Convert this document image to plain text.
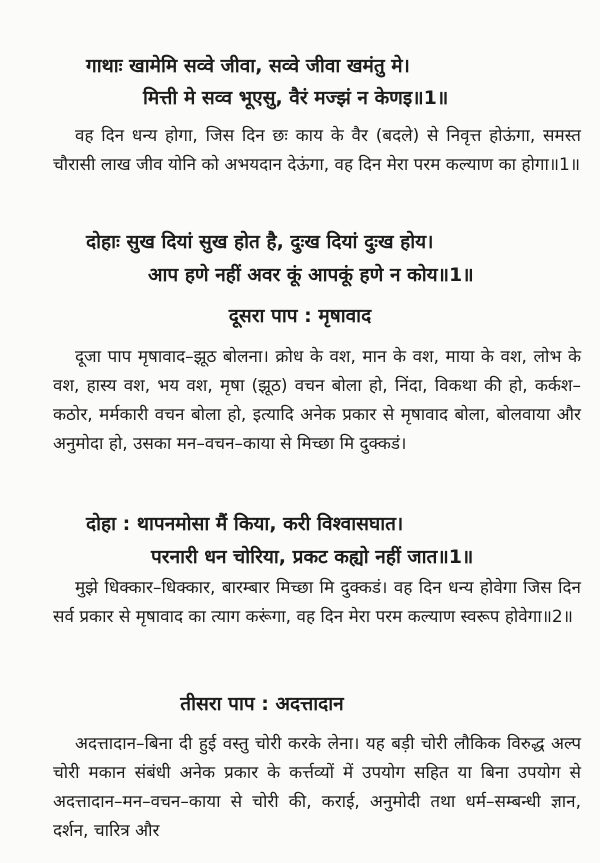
गाथाः खामेमि सव्वे जीवा, सव्वे जीवा खमंतु मे।
मित्ती मे सव्व भूएसु, वैरं मज्झं न केणइ॥1॥

वह दिन धन्य होगा, जिस दिन छः काय के वैर (बदले) से निवृत्त होऊंगा, समस्त चौरासी लाख जीव योनि को अभयदान देऊंगा, वह दिन मेरा परम कल्याण का होगा॥1॥

दोहाः सुख दियां सुख होत है, दुःख दियां दुःख होय।
आप हणे नहीं अवर कूं आपकूं हणे न कोय॥1॥
दूसरा पाप : मृषावाद

दूजा पाप मृषावाद–झूठ बोलना। क्रोध के वश, मान के वश, माया के वश, लोभ के वश, हास्य वश, भय वश, मृषा (झूठ) वचन बोला हो, निंदा, विकथा की हो, कर्कश–कठोर, मर्मकारी वचन बोला हो, इत्यादि अनेक प्रकार से मृषावाद बोला, बोलवाया और अनुमोदा हो, उसका मन–वचन–काया से मिच्छा मि दुक्कडं।

दोहा : थापनमोसा मैं किया, करी विश्वासघात।
परनारी धन चोरिया, प्रकट कह्यो नहीं जात॥1॥

मुझे धिक्कार–धिक्कार, बारम्बार मिच्छा मि दुक्कडं। वह दिन धन्य होवेगा जिस दिन सर्व प्रकार से मृषावाद का त्याग करूंगा, वह दिन मेरा परम कल्याण स्वरूप होवेगा॥2॥

तीसरा पाप : अदत्तादान

अदत्तादान–बिना दी हुई वस्तु चोरी करके लेना। यह बड़ी चोरी लौकिक विरुद्ध अल्प चोरी मकान संबंधी अनेक प्रकार के कर्त्तव्यों में उपयोग सहित या बिना उपयोग से अदत्तादान–मन–वचन–काया से चोरी की, कराई, अनुमोदी तथा धर्म–सम्बन्धी ज्ञान, दर्शन, चारित्र और
